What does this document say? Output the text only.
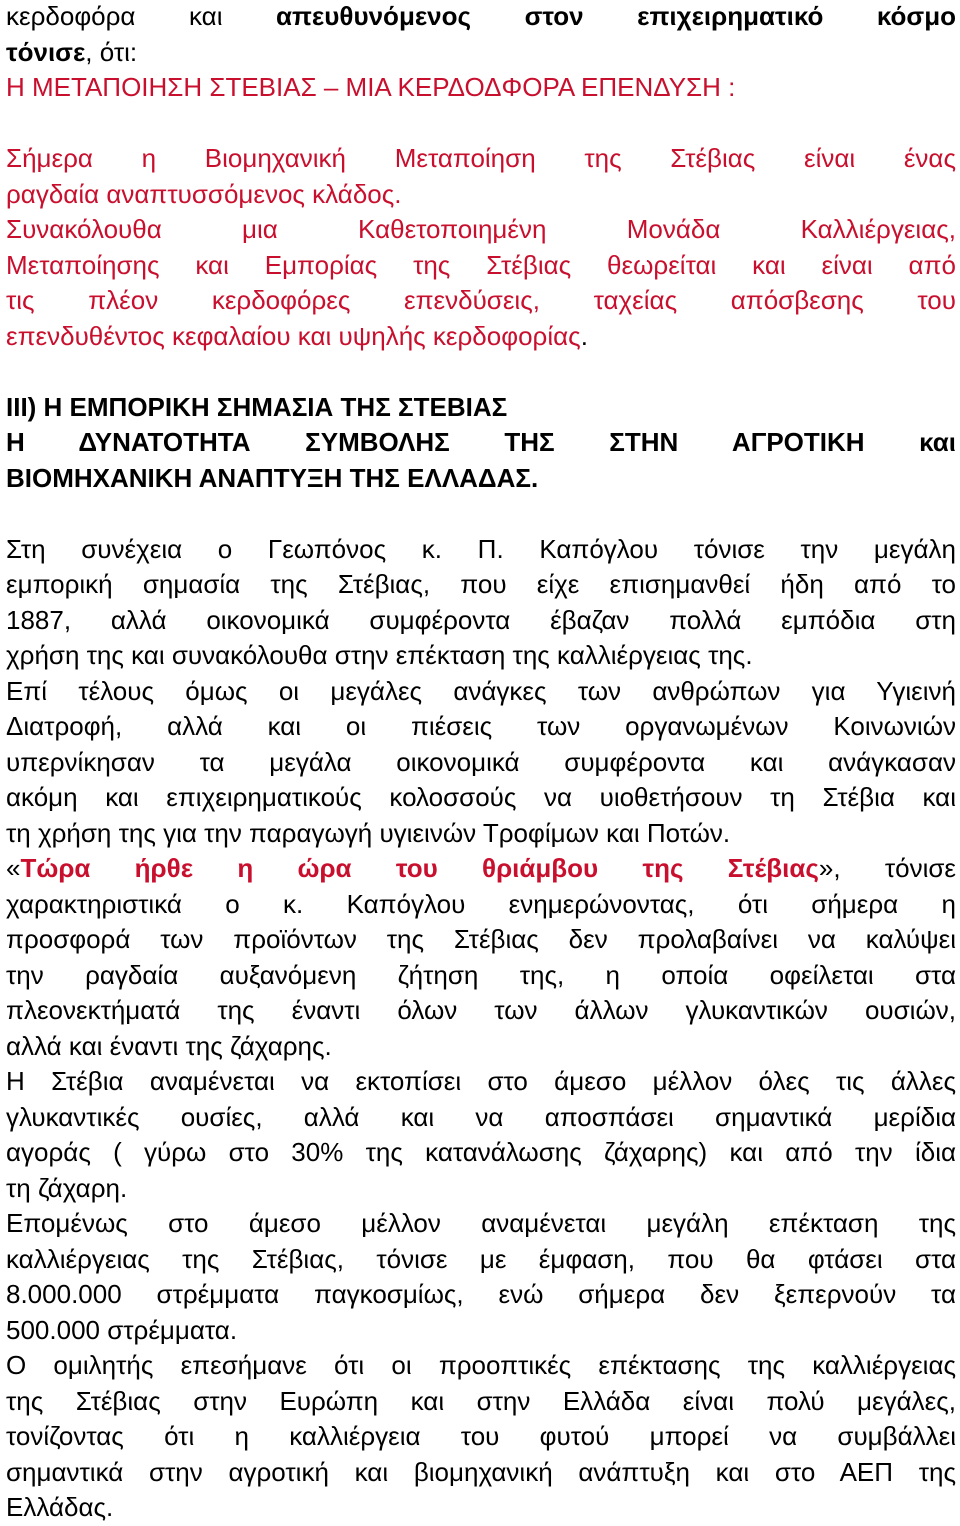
κερδοφόρα και απευθυνόμενος στον επιχειρηματικό κόσμο

τόνισε, ότι:

Η ΜΕΤΑΠΟΙΗΣΗ ΣΤΕΒΙΑΣ – ΜΙΑ ΚΕΡΔΟΔΦΟΡΑ ΕΠΕΝΔΥΣΗ :

Σήμερα η Βιομηχανική Μεταποίηση της Στέβιας είναι ένας

ραγδαία αναπτυσσόμενος κλάδος.

Συνακόλουθα μια Καθετοποιημένη Μονάδα Καλλιέργειας,

Μεταποίησης και Εμπορίας της Στέβιας θεωρείται και είναι από

τις πλέον κερδοφόρες επενδύσεις, ταχείας απόσβεσης του

επενδυθέντος κεφαλαίου και υψηλής κερδοφορίας.

III) Η ΕΜΠΟΡΙΚΗ ΣΗΜΑΣΙΑ ΤΗΣ ΣΤΕΒΙΑΣ

Η ΔΥΝΑΤΟΤΗΤΑ ΣΥΜΒΟΛΗΣ ΤΗΣ ΣΤΗΝ ΑΓΡΟΤΙΚΗ και

ΒΙΟΜΗΧΑΝΙΚΗ ΑΝΑΠΤΥΞΗ ΤΗΣ ΕΛΛΑΔΑΣ.

Στη συνέχεια ο Γεωπόνος κ. Π. Καπόγλου τόνισε την μεγάλη

εμπορική σημασία της Στέβιας, που είχε επισημανθεί ήδη από το

1887, αλλά οικονομικά συμφέροντα έβαζαν πολλά εμπόδια στη

χρήση της και συνακόλουθα στην επέκταση της καλλιέργειας της.

Επί τέλους όμως οι μεγάλες ανάγκες των ανθρώπων για Υγιεινή

Διατροφή, αλλά και οι πιέσεις των οργανωμένων Κοινωνιών

υπερνίκησαν τα μεγάλα οικονομικά συμφέροντα και ανάγκασαν

ακόμη και επιχειρηματικούς κολοσσούς να υιοθετήσουν τη Στέβια και

τη χρήση της για την παραγωγή υγιεινών Τροφίμων και Ποτών.

«Τώρα ήρθε η ώρα του θριάμβου της Στέβιας», τόνισε

χαρακτηριστικά ο κ. Καπόγλου ενημερώνοντας, ότι σήμερα η

προσφορά των προϊόντων της Στέβιας δεν προλαβαίνει να καλύψει

την ραγδαία αυξανόμενη ζήτηση της, η οποία οφείλεται στα

πλεονεκτήματά της έναντι όλων των άλλων γλυκαντικών ουσιών,

αλλά και έναντι της ζάχαρης.

Η Στέβια αναμένεται να εκτοπίσει στο άμεσο μέλλον όλες τις άλλες

γλυκαντικές ουσίες, αλλά και να αποσπάσει σημαντικά μερίδια

αγοράς ( γύρω στο 30% της κατανάλωσης ζάχαρης) και από την ίδια

τη ζάχαρη.

Επομένως στο άμεσο μέλλον αναμένεται μεγάλη επέκταση της

καλλιέργειας της Στέβιας, τόνισε με έμφαση, που θα φτάσει στα

8.000.000 στρέμματα παγκοσμίως, ενώ σήμερα δεν ξεπερνούν τα

500.000 στρέμματα.

Ο ομιλητής επεσήμανε ότι οι προοπτικές επέκτασης της καλλιέργειας

της Στέβιας στην Ευρώπη και στην Ελλάδα είναι πολύ μεγάλες,

τονίζοντας ότι η καλλιέργεια του φυτού μπορεί να συμβάλλει

σημαντικά στην αγροτική και βιομηχανική ανάπτυξη και στο ΑΕΠ της

Ελλάδας.
